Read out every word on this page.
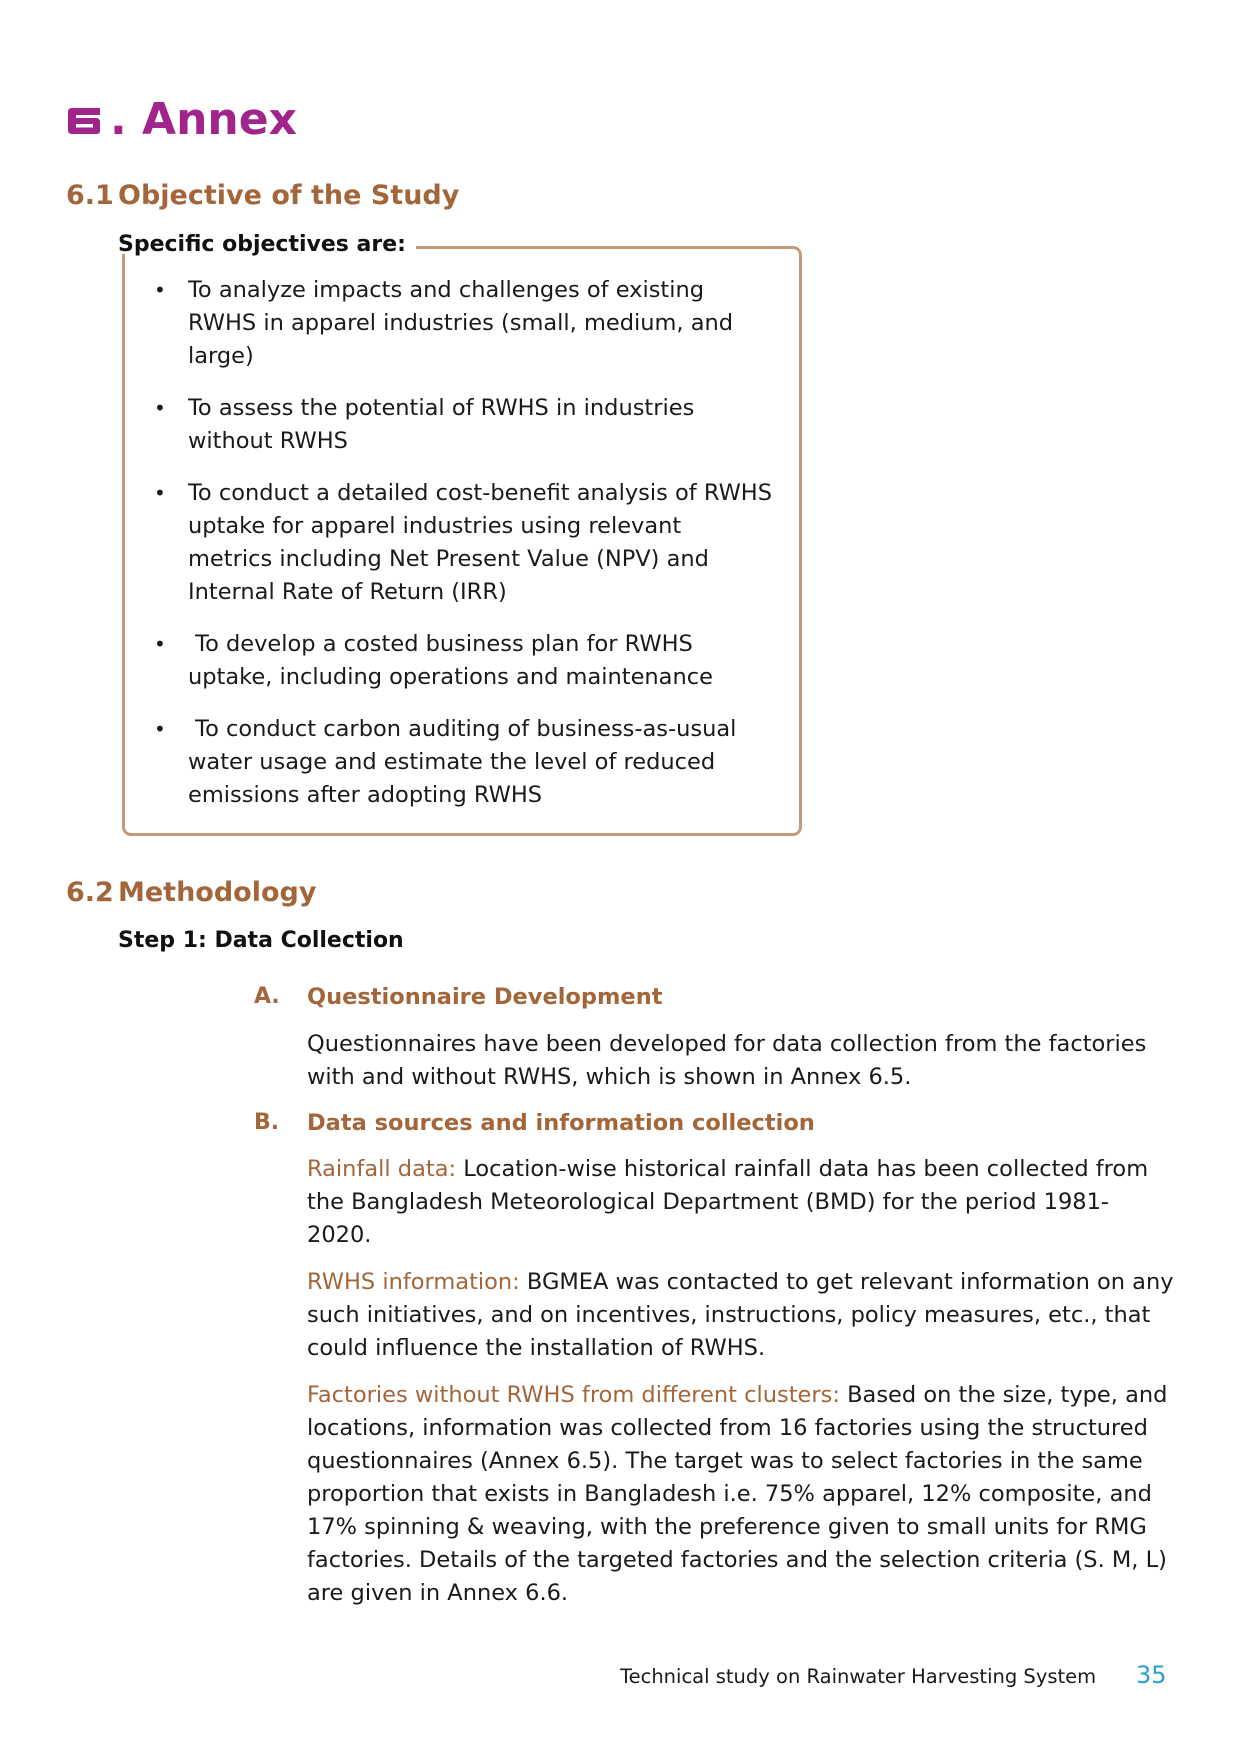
. Annex
6.1 Objective of the Study
Specific objectives are:
• To analyze impacts and challenges of existing RWHS in apparel industries (small, medium, and large)
• To assess the potential of RWHS in industries without RWHS
• To conduct a detailed cost-benefit analysis of RWHS uptake for apparel industries using relevant metrics including Net Present Value (NPV) and Internal Rate of Return (IRR)
• To develop a costed business plan for RWHS uptake, including operations and maintenance
• To conduct carbon auditing of business-as-usual water usage and estimate the level of reduced emissions after adopting RWHS
6.2 Methodology
Step 1: Data Collection
A. Questionnaire Development
Questionnaires have been developed for data collection from the factories with and without RWHS, which is shown in Annex 6.5.
B. Data sources and information collection
Rainfall data: Location-wise historical rainfall data has been collected from the Bangladesh Meteorological Department (BMD) for the period 1981- 2020.
RWHS information: BGMEA was contacted to get relevant information on any such initiatives, and on incentives, instructions, policy measures, etc., that could influence the installation of RWHS.
Factories without RWHS from different clusters: Based on the size, type, and locations, information was collected from 16 factories using the structured questionnaires (Annex 6.5). The target was to select factories in the same proportion that exists in Bangladesh i.e. 75% apparel, 12% composite, and 17% spinning & weaving, with the preference given to small units for RMG factories. Details of the targeted factories and the selection criteria (S. M, L) are given in Annex 6.6.
Technical study on Rainwater Harvesting System 35
